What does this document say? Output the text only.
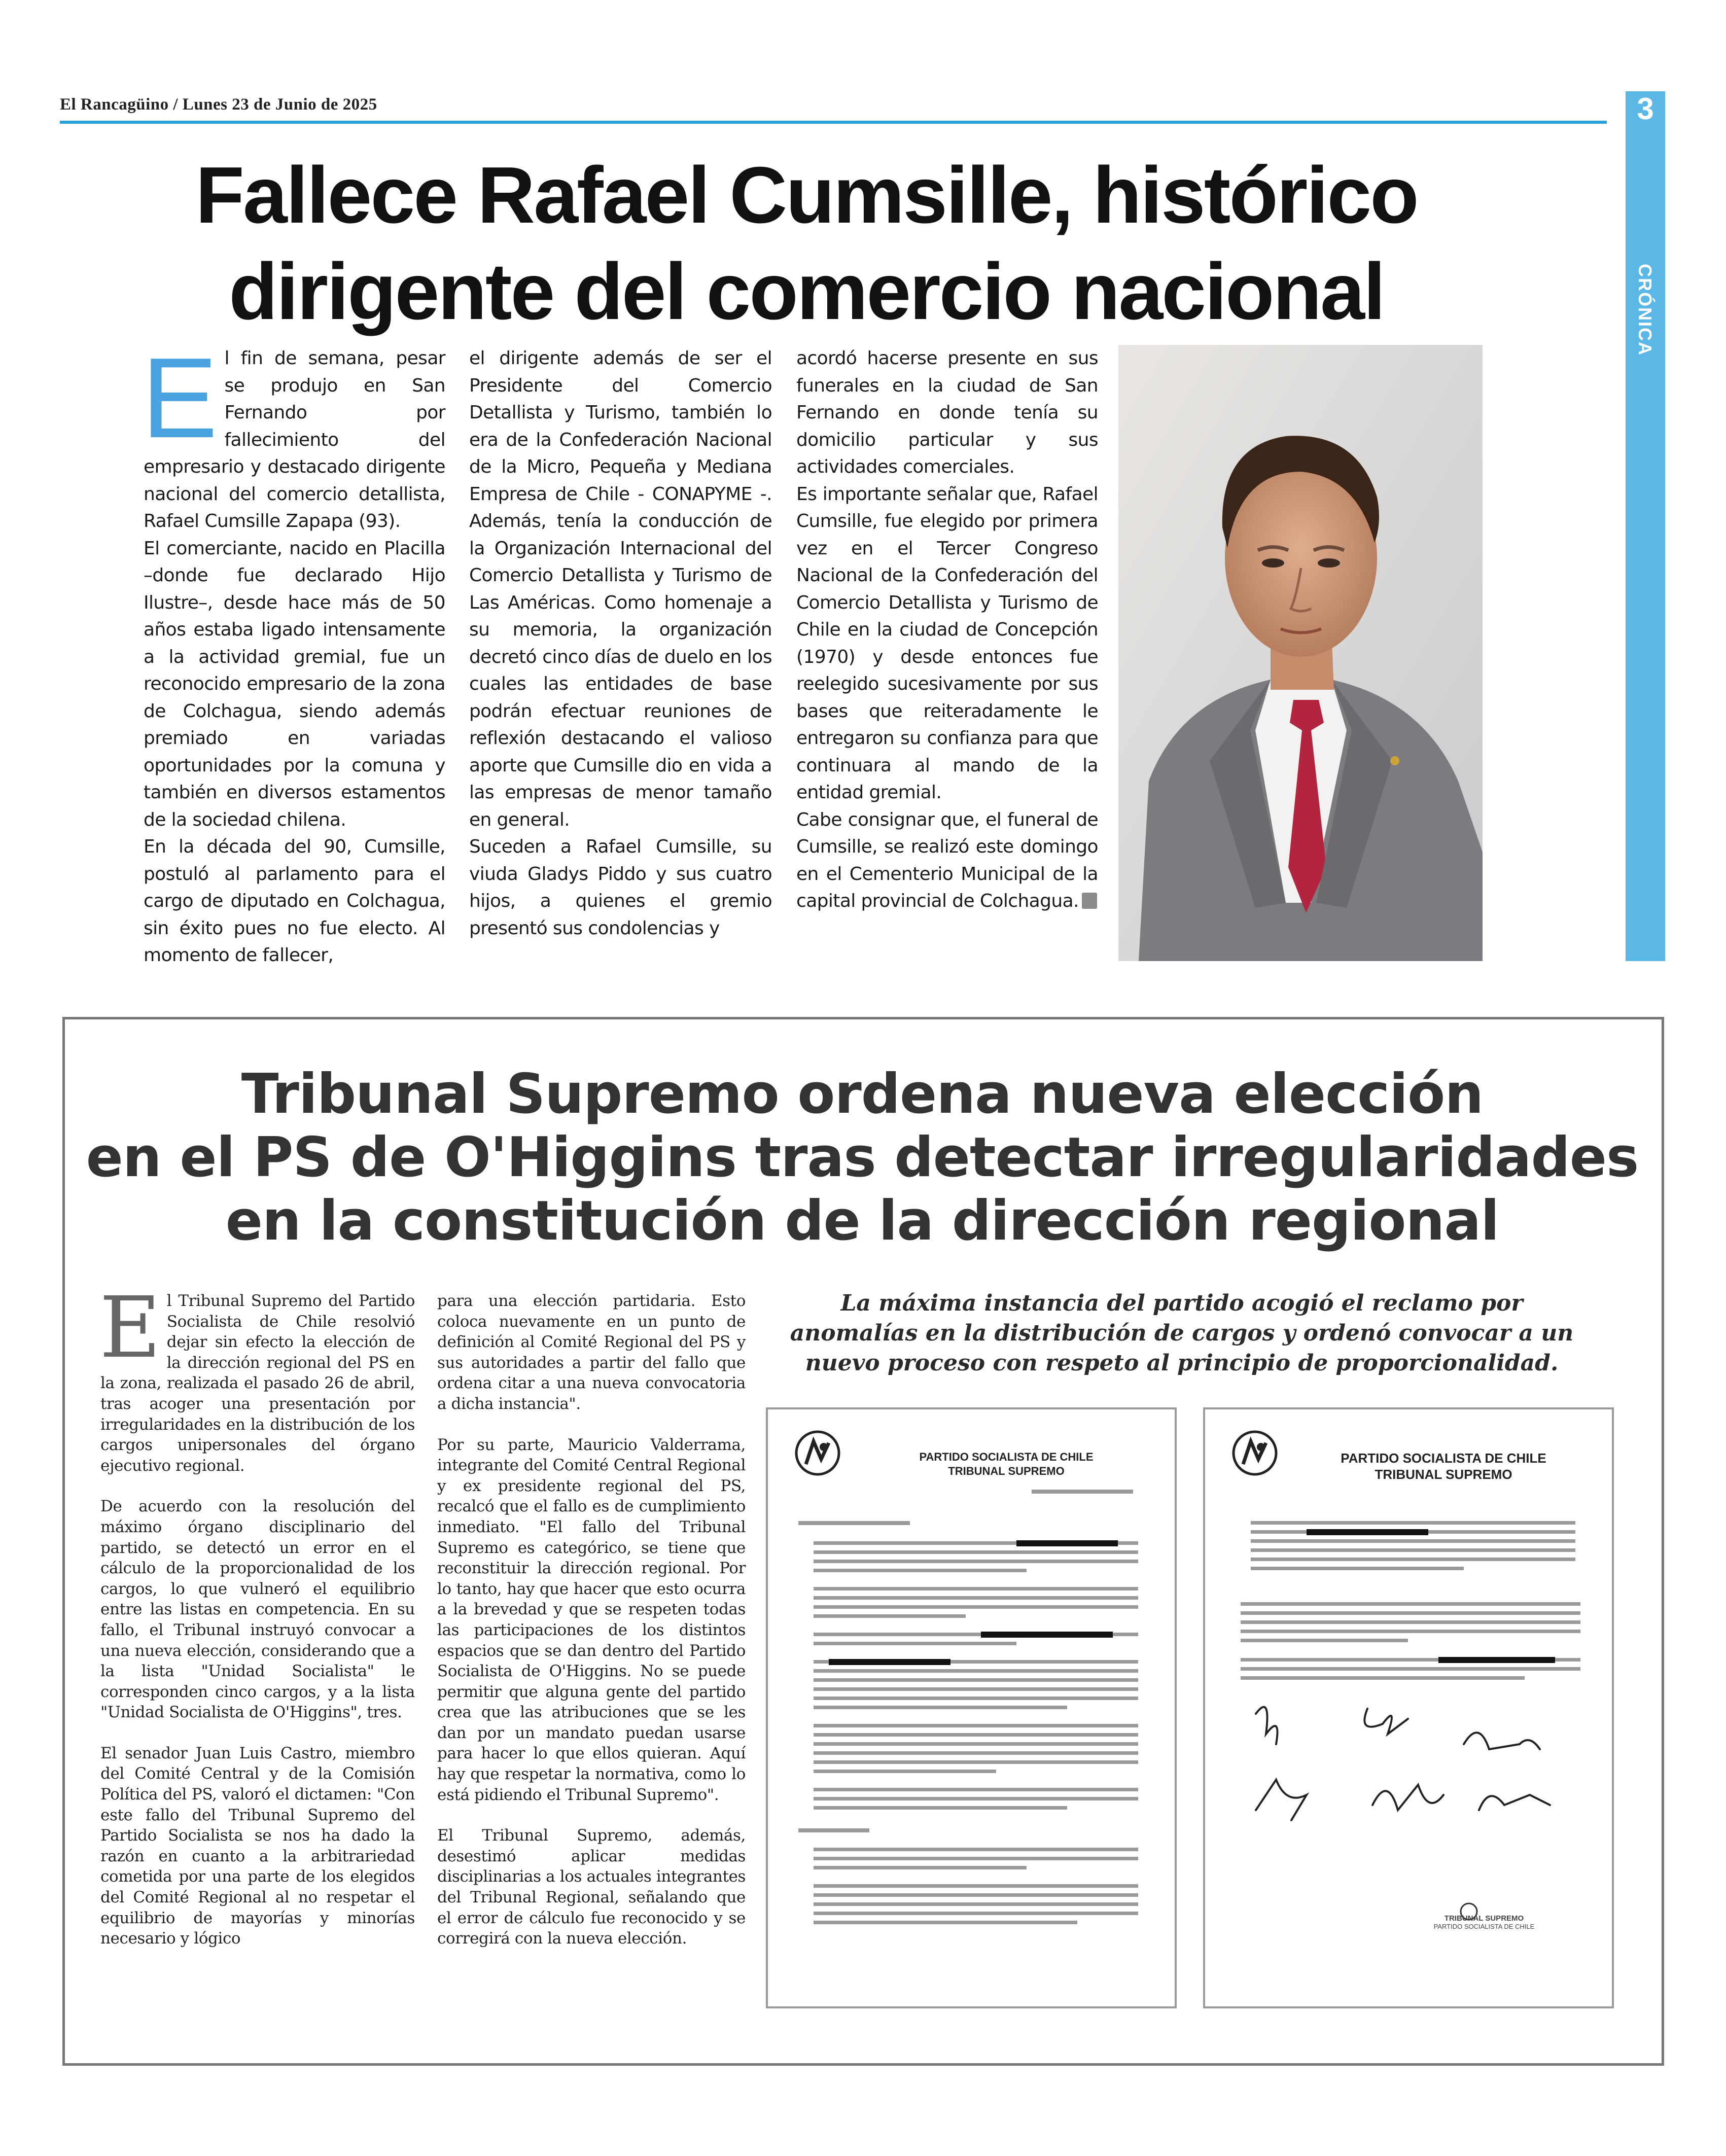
El Rancagüino / Lunes 23 de Junio de 2025	3
CRÓNICA
Fallece Rafael Cumsille, histórico
dirigente del comercio nacional

El fin de semana, pesar se produjo en San Fernando por fallecimiento del empresario y destacado dirigente nacional del comercio detallista, Rafael Cumsille Zapapa (93).

El comerciante, nacido en Placilla –donde fue declarado Hijo Ilustre–, desde hace más de 50 años estaba ligado intensamente a la actividad gremial, fue un reconocido empresario de la zona de Colchagua, siendo además premiado en variadas oportunidades por la comuna y también en diversos estamentos de la sociedad chilena.

En la década del 90, Cumsille, postuló al parlamento para el cargo de diputado en Colchagua, sin éxito pues no fue electo. Al momento de fallecer,

el dirigente además de ser el Presidente del Comercio Detallista y Turismo, también lo era de la Confederación Nacional de la Micro, Pequeña y Mediana Empresa de Chile - CONAPYME -. Además, tenía la conducción de la Organización Internacional del Comercio Detallista y Turismo de Las Américas. Como homenaje a su memoria, la organización decretó cinco días de duelo en los cuales las entidades de base podrán efectuar reuniones de reflexión destacando el valioso aporte que Cumsille dio en vida a las empresas de menor tamaño en general.

Suceden a Rafael Cumsille, su viuda Gladys Piddo y sus cuatro hijos, a quienes el gremio presentó sus condolencias y

acordó hacerse presente en sus funerales en la ciudad de San Fernando en donde tenía su domicilio particular y sus actividades comerciales.

Es importante señalar que, Rafael Cumsille, fue elegido por primera vez en el Tercer Congreso Nacional de la Confederación del Comercio Detallista y Turismo de Chile en la ciudad de Concepción (1970) y desde entonces fue reelegido sucesivamente por sus bases que reiteradamente le entregaron su confianza para que continuara al mando de la entidad gremial.

Cabe consignar que, el funeral de Cumsille, se realizó este domingo en el Cementerio Municipal de la capital provincial de Colchagua.

Tribunal Supremo ordena nueva elección
en el PS de O'Higgins tras detectar irregularidades
en la constitución de la dirección regional

El Tribunal Supremo del Partido Socialista de Chile resolvió dejar sin efecto la elección de la dirección regional del PS en la zona, realizada el pasado 26 de abril, tras acoger una presentación por irregularidades en la distribución de los cargos unipersonales del órgano ejecutivo regional.

De acuerdo con la resolución del máximo órgano disciplinario del partido, se detectó un error en el cálculo de la proporcionalidad de los cargos, lo que vulneró el equilibrio entre las listas en competencia. En su fallo, el Tribunal instruyó convocar a una nueva elección, considerando que a la lista "Unidad Socialista" le corresponden cinco cargos, y a la lista "Unidad Socialista de O'Higgins", tres.

El senador Juan Luis Castro, miembro del Comité Central y de la Comisión Política del PS, valoró el dictamen: "Con este fallo del Tribunal Supremo del Partido Socialista se nos ha dado la razón en cuanto a la arbitrariedad cometida por una parte de los elegidos del Comité Regional al no respetar el equilibrio de mayorías y minorías necesario y lógico

para una elección partidaria. Esto coloca nuevamente en un punto de definición al Comité Regional del PS y sus autoridades a partir del fallo que ordena citar a una nueva convocatoria a dicha instancia".

Por su parte, Mauricio Valderrama, integrante del Comité Central Regional y ex presidente regional del PS, recalcó que el fallo es de cumplimiento inmediato. "El fallo del Tribunal Supremo es categórico, se tiene que reconstituir la dirección regional. Por lo tanto, hay que hacer que esto ocurra a la brevedad y que se respeten todas las participaciones de los distintos espacios que se dan dentro del Partido Socialista de O'Higgins. No se puede permitir que alguna gente del partido crea que las atribuciones que se les dan por un mandato puedan usarse para hacer lo que ellos quieran. Aquí hay que respetar la normativa, como lo está pidiendo el Tribunal Supremo".

El Tribunal Supremo, además, desestimó aplicar medidas disciplinarias a los actuales integrantes del Tribunal Regional, señalando que el error de cálculo fue reconocido y se corregirá con la nueva elección.

La máxima instancia del partido acogió el reclamo por anomalías en la distribución de cargos y ordenó convocar a un nuevo proceso con respeto al principio de proporcionalidad.
PARTIDO SOCIALISTA DE CHILE
TRIBUNAL SUPREMO
PARTIDO SOCIALISTA DE CHILE
TRIBUNAL SUPREMO
TRIBUNAL SUPREMO
PARTIDO SOCIALISTA DE CHILE
